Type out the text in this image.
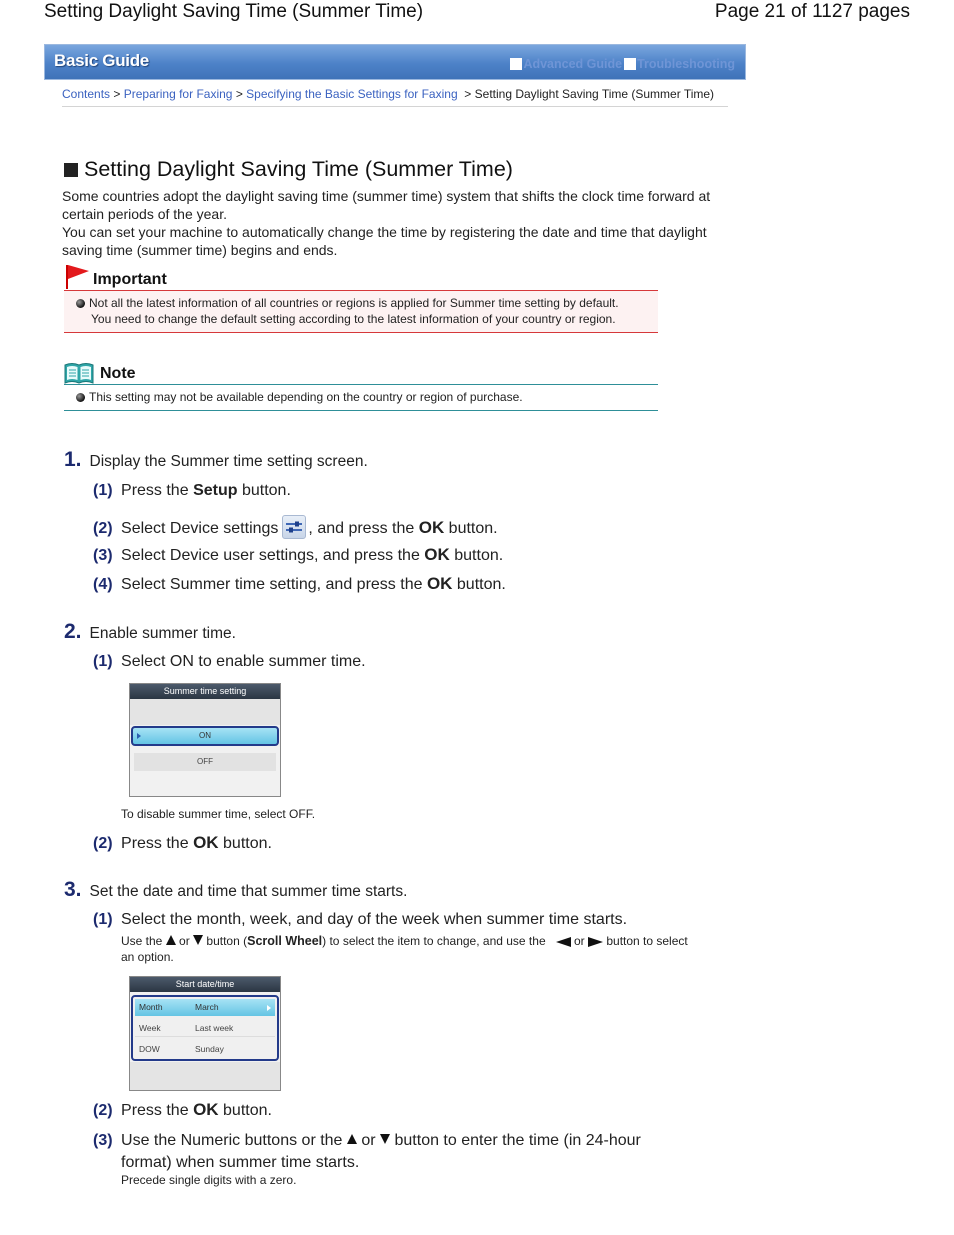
Setting Daylight Saving Time (Summer Time)	Page 21 of 1127 pages
Basic Guide	Advanced Guide Troubleshooting
Contents > Preparing for Faxing > Specifying the Basic Settings for Faxing > Setting Daylight Saving Time (Summer Time)
Setting Daylight Saving Time (Summer Time)

Some countries adopt the daylight saving time (summer time) system that shifts the clock time forward at certain periods of the year.

You can set your machine to automatically change the time by registering the date and time that daylight saving time (summer time) begins and ends.

Important
Not all the latest information of all countries or regions is applied for Summer time setting by default.
You need to change the default setting according to the latest information of your country or region.
Note
This setting may not be available depending on the country or region of purchase.
1. Display the Summer time setting screen.
(1) Press the Setup button.
(2) Select Device settings , and press the OK button.
(3) Select Device user settings, and press the OK button.
(4) Select Summer time setting, and press the OK button.
2. Enable summer time.
(1) Select ON to enable summer time.
Summer time setting
ON
OFF
To disable summer time, select OFF.
(2) Press the OK button.
3. Set the date and time that summer time starts.
(1) Select the month, week, and day of the week when summer time starts.
Use the or button (Scroll Wheel) to select the item to change, and use the or button to select
an option.
Start date/time
Month	March
Week	Last week
DOW	Sunday
(2) Press the OK button.
(3) Use the Numeric buttons or the or button to enter the time (in 24-hour
format) when summer time starts.
Precede single digits with a zero.
